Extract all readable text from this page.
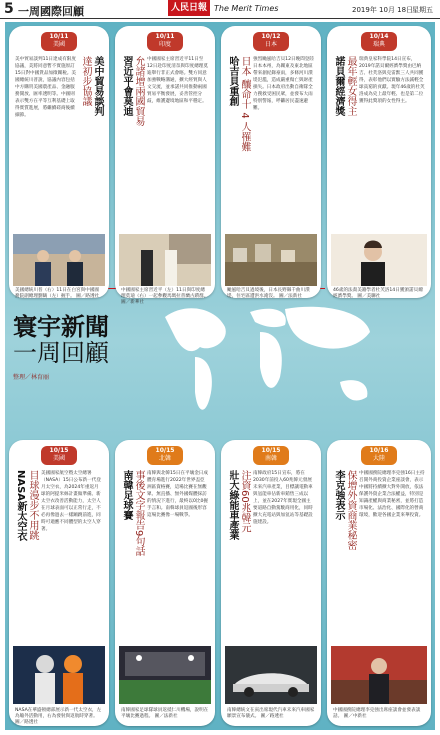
5 一周國際回顧	人民日報 The Merit Times	2019年 10月 18日
星期五
10/11
美國
美中貿易談判
達初步協議
美中貿易談判11日達成有限度協議，美將同意暫不實施原訂15日對中國貨品加徵關稅。美國總統川普說，協議內容包括中方購買美國農產品、金融服務開放、匯率透明等。中國則表示雙方在平等互利基礎上取得實質進展，將繼續磋商後續細節。
美國總統川普（右）11日在白宮與中國國務院副總理劉鶴（左）握手。 圖／路透社
10/11
印度
習近平會莫迪 允諸增兩國貿易 中國國家主席習近平11日至12日赴印度清奈與印度總理莫迪舉行非正式會晤。雙方同意加強戰略溝通，擴大經貿與人文交流，並承諾共同推動兩國貿易平衡發展，妥善管控分歧，維護邊境地區和平穩定。
中國國家主席習近平（左）11日與印度總理莫迪（右）一起參觀馬瑪拉普蘭古蹟群。 圖／新華社
10/12
日本
哈吉貝重創 日本 釀命十 4 人罹難 強烈颱風哈吉貝12日晚間登陸日本本州，為關東及東北地區帶來創紀錄豪雨，多條河川潰堤氾濫，造成嚴重傷亡與財產損失。日本政府出動自衛隊全力搜救受困民眾，並發布大雨特別警報，呼籲居民盡速避難。
颱風哈吉貝過境後，日本長野縣千曲川潰堤，住宅區遭洪水淹沒。 圖／法新社
10/14
瑞典
諾貝爾經濟獎 最年輕女得主 瑞典皇家科學院14日宣布，2019年諾貝爾經濟學獎由巴納吉、杜芙洛與克雷默三人共同獲得，表彰他們以實驗方法減輕全球貧窮的貢獻。現年46歲的杜芙洛成為史上最年輕、也是第二位獲得此獎項的女性得主。
46歲的法裔美籍學者杜芙洛14日獲頒諾貝爾經濟學獎。 圖／美聯社
寰宇新聞
一周回顧
整理／林育丽
10/15
美國
NASA新太空衣 目球漫步不用跳 美國國家航空暨太空總署（NASA）15日公布新一代登月太空衣，為2024年重返月球的阿提米絲計畫做準備。新太空衣改善活動能力，太空人在月球表面可以正常行走，不必再像過去一樣蹦跳前進，同時可適應不同體型的太空人穿著。
NASA在華盛頓總部展示新一代太空衣，左為艙外活動用，右為發射與返航時穿著。 圖／路透社
10/15
北韓
南韓足球賽 事後文字報告9句話 南韓與北韓15日在平壤金日成體育場進行2022年世界盃亞洲區資格賽，這場比賽在無觀眾、無直播、無外國媒體採訪的情況下進行，最終以0比0握手言和。南韓球員返國後形容這場比賽像一場戰爭。
南韓國家足球隊球員返抵仁川機場，說明在平壤比賽過程。 圖／法新社
10/15
南韓
壯大綠能車產業 注資60兆韓元 南韓政府15日宣布，將在2030年前投入60兆韓元發展未來汽車產業，目標讓電動車與氫能車佔新車銷售三成以上，並在2027年實現全國主要道路自動駕駛商用化，同時擴大充電站與加氫站等基礎設施建設。
南韓總統文在寅出席現代汽車未來汽車國家願景宣布儀式。 圖／路透社
10/16
大陸
李克強表示 保增外資商業秘密 中國國務院總理李克強16日主持召開外商投資企業座談會，表示中國將持續擴大對外開放，依法保護外資企業合法權益，特別是知識產權與商業秘密，並將打造市場化、法治化、國際化的營商環境，歡迎各國企業來華投資。
中國國務院總理李克強出席座談會並發表談話。 圖／中新社
